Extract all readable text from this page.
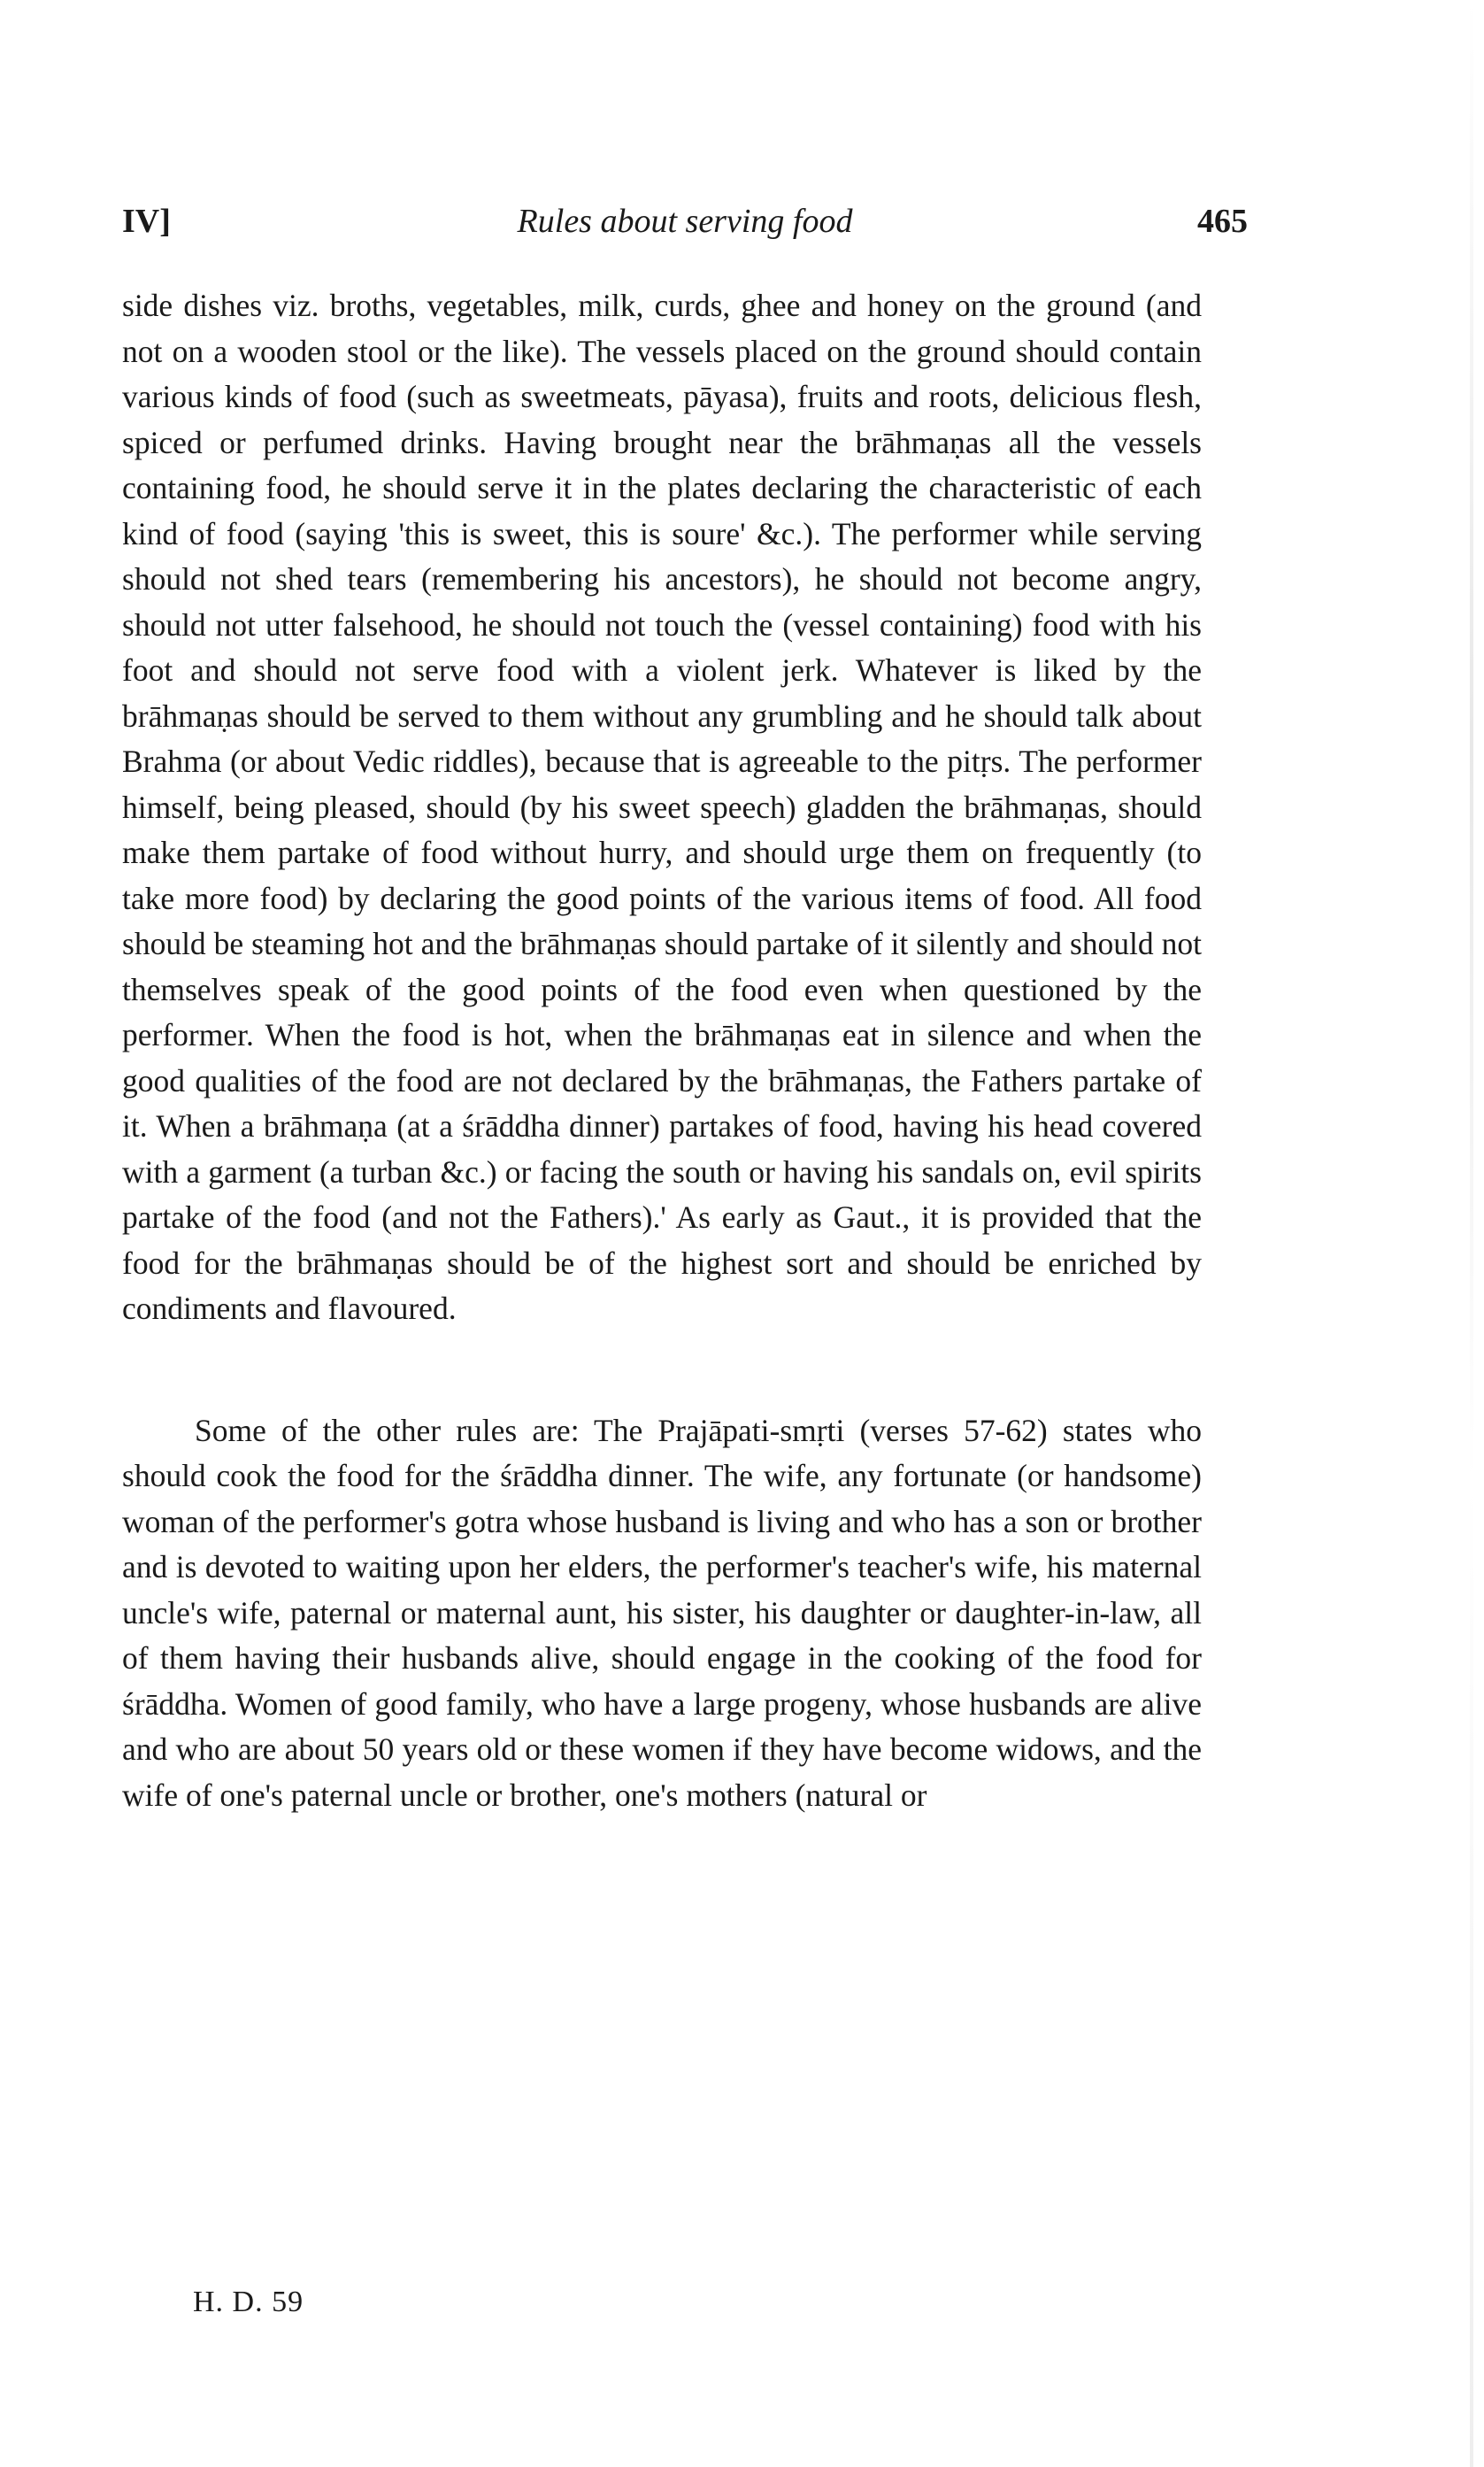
IV]	Rules about serving food	465

side dishes viz. broths, vegetables, milk, curds, ghee and honey on the ground (and not on a wooden stool or the like). The vessels placed on the ground should contain various kinds of food (such as sweetmeats, pāyasa), fruits and roots, delicious flesh, spiced or perfumed drinks. Having brought near the brāhmaṇas all the vessels containing food, he should serve it in the plates declaring the characteristic of each kind of food (saying 'this is sweet, this is soure' &c.). The performer while serving should not shed tears (remembering his ancestors), he should not become angry, should not utter falsehood, he should not touch the (vessel containing) food with his foot and should not serve food with a violent jerk. Whatever is liked by the brāhmaṇas should be served to them without any grumbling and he should talk about Brahma (or about Vedic riddles), because that is agreeable to the pitṛs. The performer himself, being pleased, should (by his sweet speech) gladden the brāhmaṇas, should make them partake of food without hurry, and should urge them on frequently (to take more food) by declaring the good points of the various items of food. All food should be steaming hot and the brāhmaṇas should partake of it silently and should not themselves speak of the good points of the food even when questioned by the performer. When the food is hot, when the brāhmaṇas eat in silence and when the good qualities of the food are not declared by the brāhmaṇas, the Fathers partake of it. When a brāhmaṇa (at a śrāddha dinner) partakes of food, having his head covered with a garment (a turban &c.) or facing the south or having his sandals on, evil spirits partake of the food (and not the Fathers).' As early as Gaut., it is provided that the food for the brāhmaṇas should be of the highest sort and should be enriched by condiments and flavoured.

Some of the other rules are: The Prajāpati-smṛti (verses 57-62) states who should cook the food for the śrāddha dinner. The wife, any fortunate (or handsome) woman of the performer's gotra whose husband is living and who has a son or brother and is devoted to waiting upon her elders, the performer's teacher's wife, his maternal uncle's wife, paternal or maternal aunt, his sister, his daughter or daughter-in-law, all of them having their husbands alive, should engage in the cooking of the food for śrāddha. Women of good family, who have a large progeny, whose husbands are alive and who are about 50 years old or these women if they have become widows, and the wife of one's paternal uncle or brother, one's mothers (natural or

H. D. 59
